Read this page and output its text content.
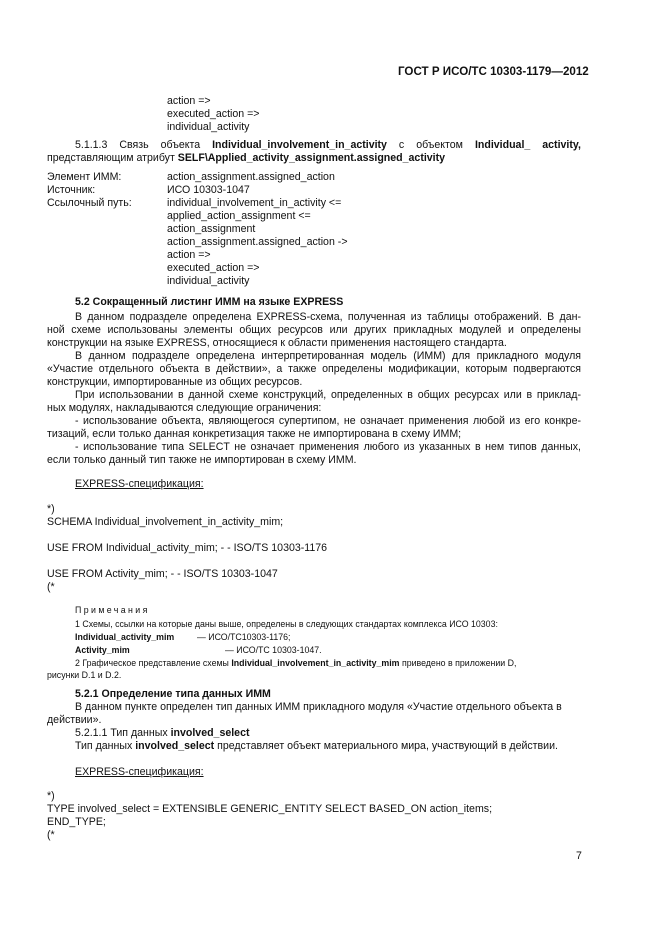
ГОСТ Р ИСО/ТС 10303-1179—2012
action =>
executed_action =>
individual_activity
5.1.1.3 Связь объекта Individual_involvement_in_activity с объектом Individual_ activity,
представляющим атрибут SELF\Applied_activity_assignment.assigned_activity
Элемент ИММ:	action_assignment.assigned_action
Источник:	ИСО 10303-1047
Ссылочный путь:	individual_involvement_in_activity <=
applied_action_assignment <=
action_assignment
action_assignment.assigned_action ->
action =>
executed_action =>
individual_activity
5.2 Сокращенный листинг ИММ на языке EXPRESS
В данном подразделе определена EXPRESS-схема, полученная из таблицы отображений. В дан-
ной схеме использованы элементы общих ресурсов или других прикладных модулей и определены
конструкции на языке EXPRESS, относящиеся к области применения настоящего стандарта.
В данном подразделе определена интерпретированная модель (ИММ) для прикладного модуля
«Участие отдельного объекта в действии», а также определены модификации, которым подвергаются
конструкции, импортированные из общих ресурсов.
При использовании в данной схеме конструкций, определенных в общих ресурсах или в приклад-
ных модулях, накладываются следующие ограничения:
- использование объекта, являющегося супертипом, не означает применения любой из его конкре-
тизаций, если только данная конкретизация также не импортирована в схему ИММ;
- использование типа SELECT не означает применения любого из указанных в нем типов данных,
если только данный тип также не импортирован в схему ИММ.
EXPRESS-спецификация:
*)
SCHEMA Individual_involvement_in_activity_mim;
USE FROM Individual_activity_mim; - - ISO/TS 10303-1176
USE FROM Activity_mim; - - ISO/TS 10303-1047
(*
Примечания
1 Схемы, ссылки на которые даны выше, определены в следующих стандартах комплекса ИСО 10303:
Individual_activity_mim	— ИСО/ТС10303-1176;
Activity_mim	— ИСО/ТС 10303-1047.
2 Графическое представление схемы Individual_involvement_in_activity_mim приведено в приложении D,
рисунки D.1 и D.2.
5.2.1 Определение типа данных ИММ
В данном пункте определен тип данных ИММ прикладного модуля «Участие отдельного объекта в
действии».
5.2.1.1 Тип данных involved_select
Тип данных involved_select представляет объект материального мира, участвующий в действии.
EXPRESS-спецификация:
*)
TYPE involved_select = EXTENSIBLE GENERIC_ENTITY SELECT BASED_ON action_items;
END_TYPE;
(*
7
